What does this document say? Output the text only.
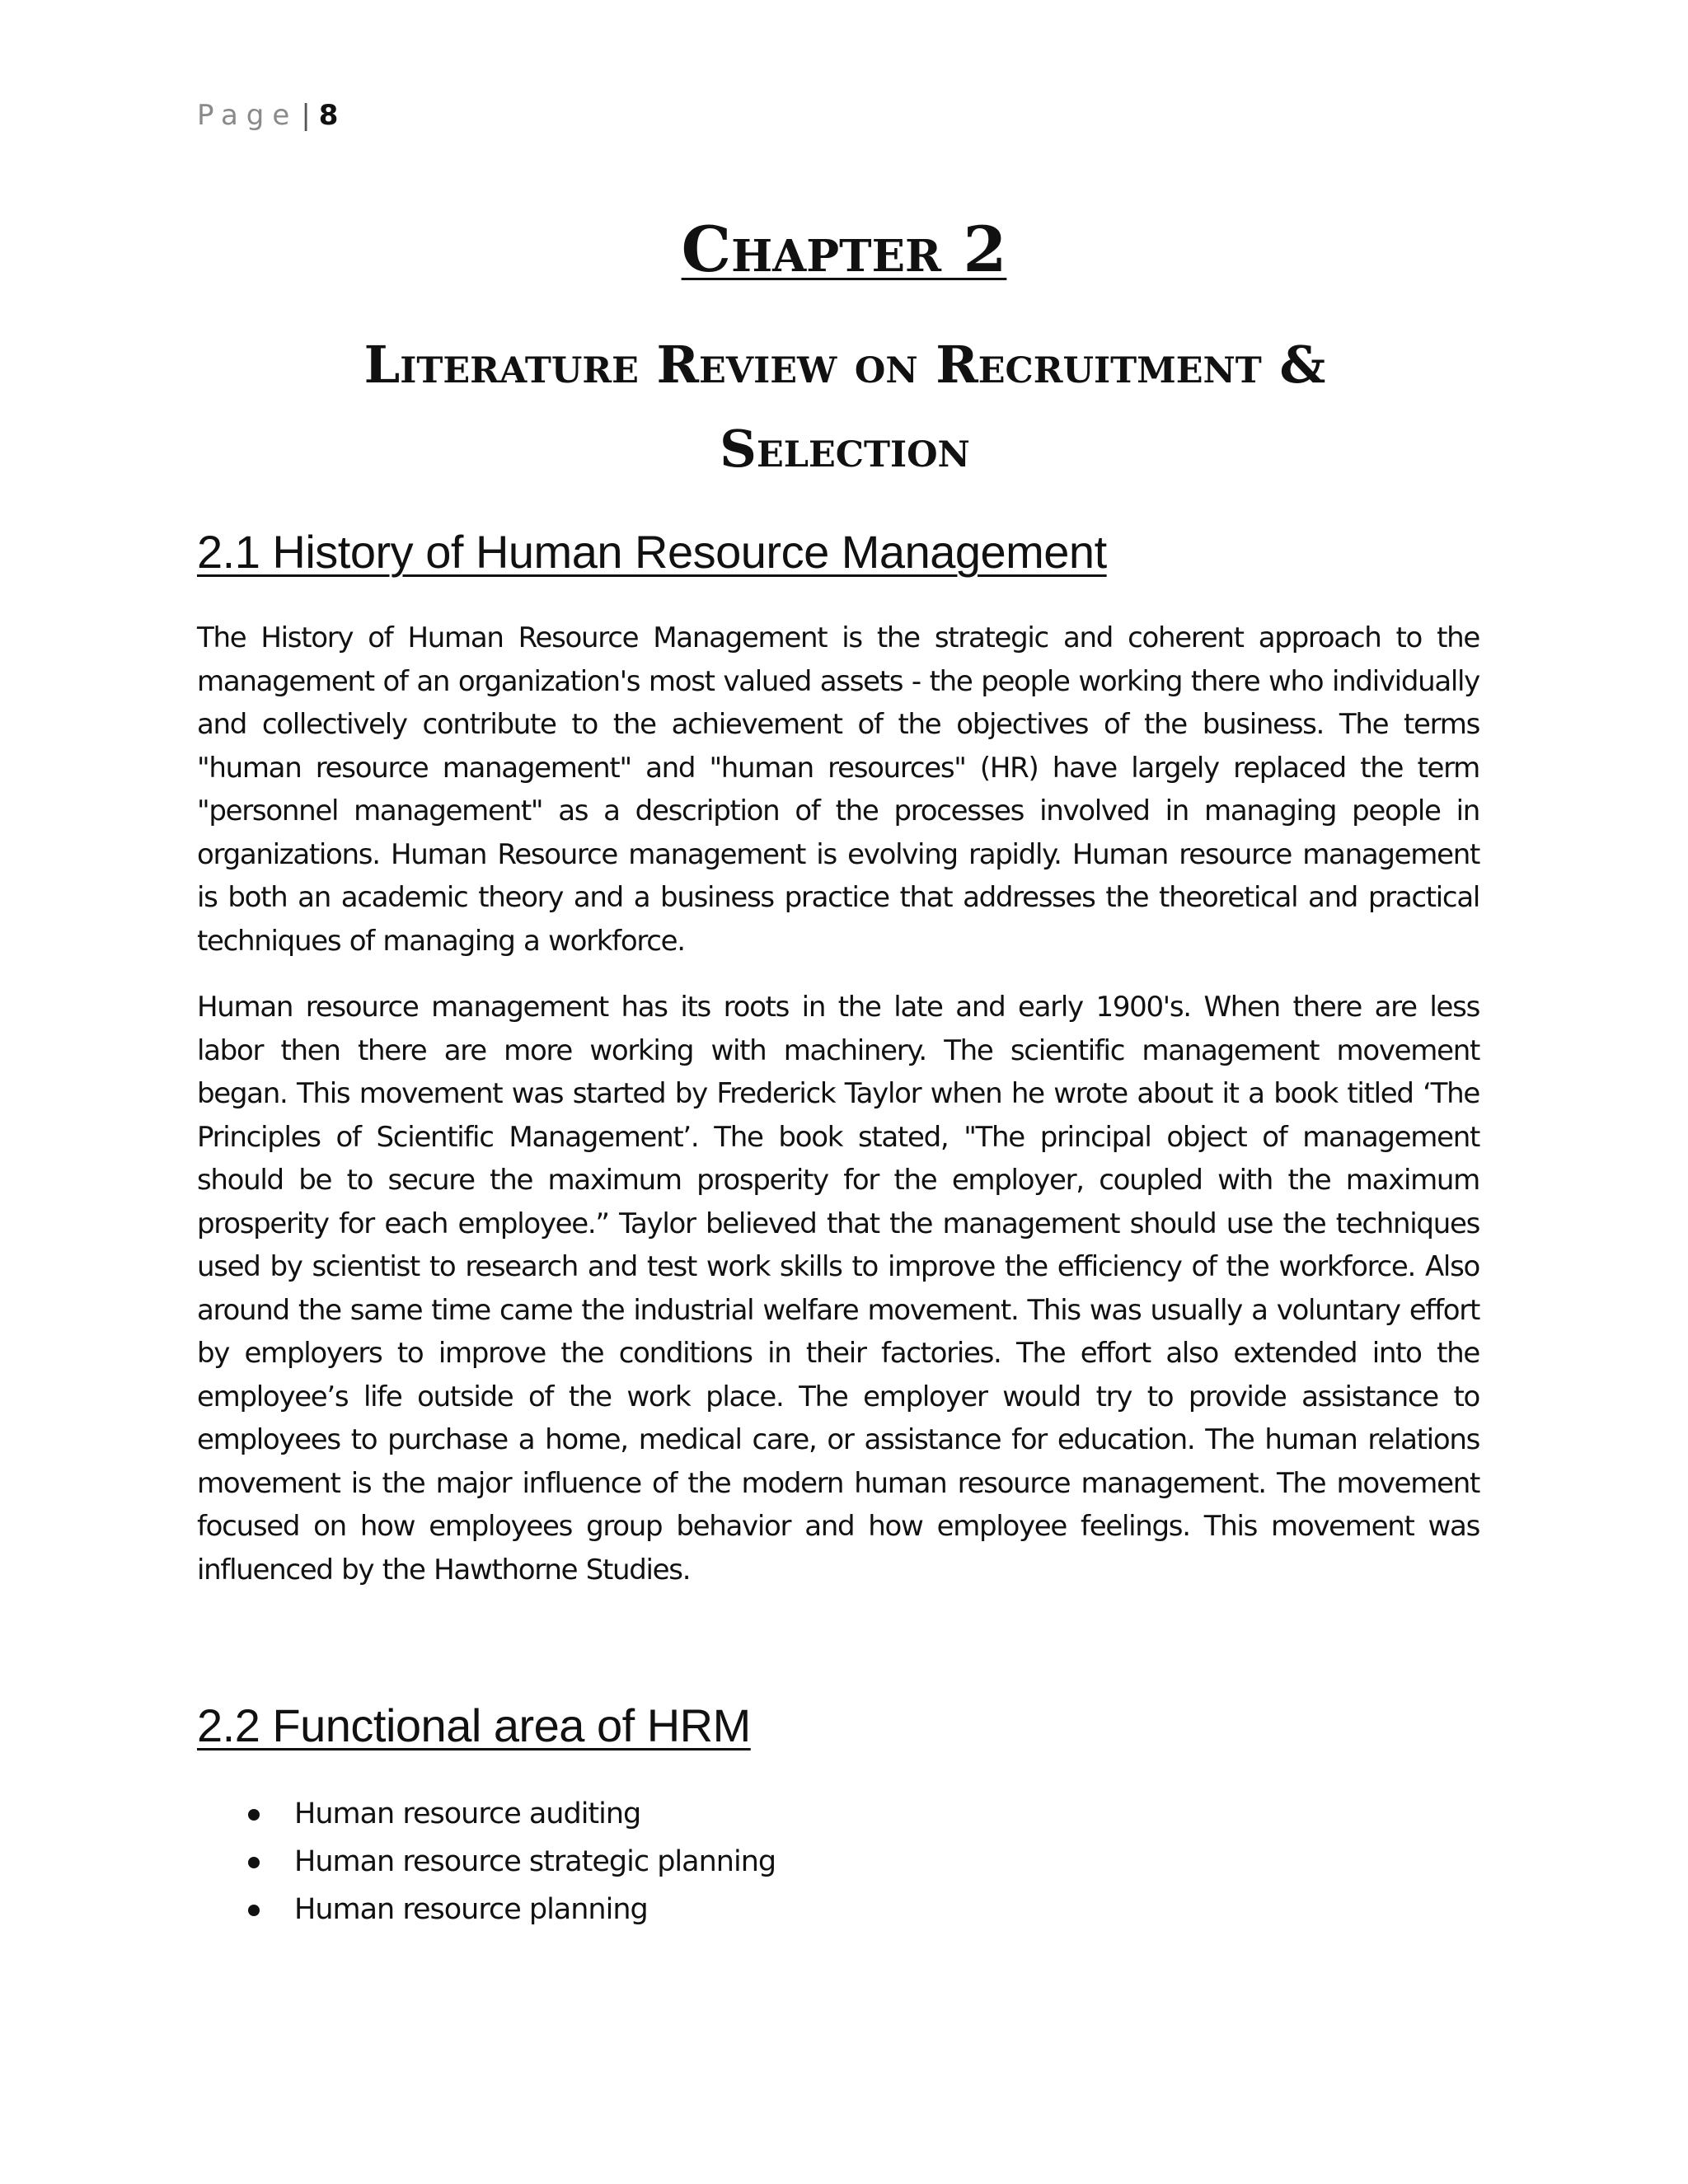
Page | 8
Chapter 2
Literature Review on Recruitment & Selection
2.1 History of Human Resource Management

The History of Human Resource Management is the strategic and coherent approach to the management of an organization's most valued assets - the people working there who individually and collectively contribute to the achievement of the objectives of the business. The terms "human resource management" and "human resources" (HR) have largely replaced the term "personnel management" as a description of the processes involved in managing people in organizations. Human Resource management is evolving rapidly. Human resource management is both an academic theory and a business practice that addresses the theoretical and practical techniques of managing a workforce.

Human resource management has its roots in the late and early 1900's. When there are less labor then there are more working with machinery. The scientific management movement began. This movement was started by Frederick Taylor when he wrote about it a book titled ‘The Principles of Scientific Management’. The book stated, "The principal object of management should be to secure the maximum prosperity for the employer, coupled with the maximum prosperity for each employee.” Taylor believed that the management should use the techniques used by scientist to research and test work skills to improve the efficiency of the workforce. Also around the same time came the industrial welfare movement. This was usually a voluntary effort by employers to improve the conditions in their factories. The effort also extended into the employee’s life outside of the work place. The employer would try to provide assistance to employees to purchase a home, medical care, or assistance for education. The human relations movement is the major influence of the modern human resource management. The movement focused on how employees group behavior and how employee feelings. This movement was influenced by the Hawthorne Studies.

2.2 Functional area of HRM
Human resource auditing
Human resource strategic planning
Human resource planning
